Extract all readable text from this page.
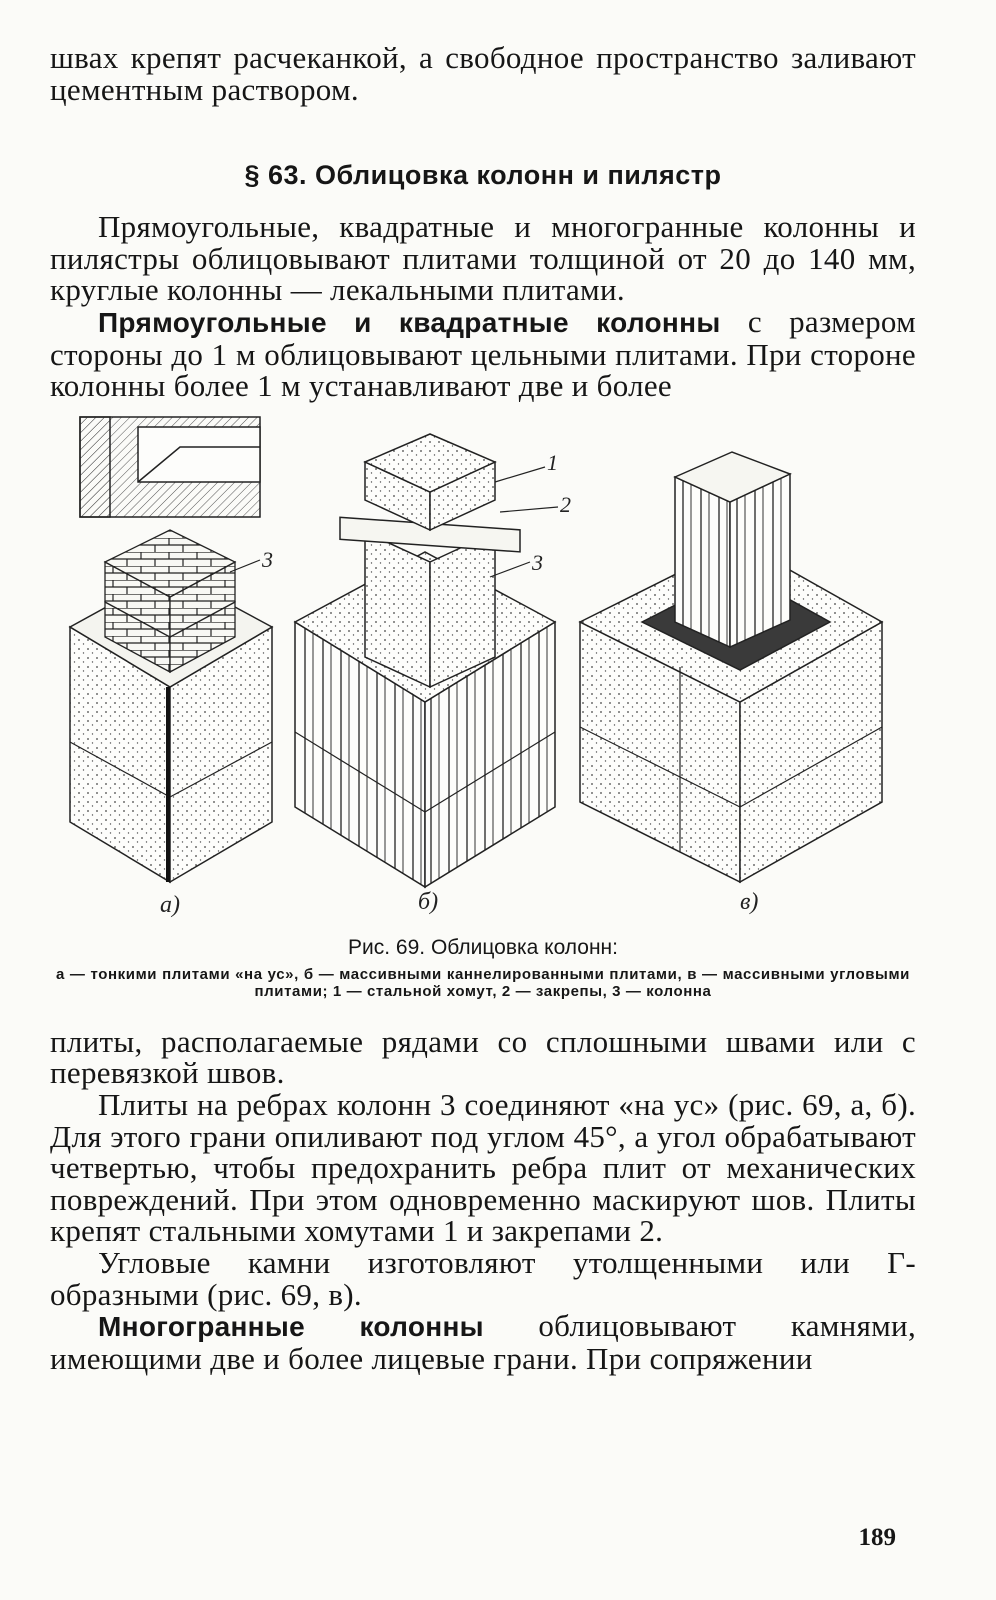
швах крепят расчеканкой, а свободное пространство заливают цементным раствором.

§ 63. Облицовка колонн и пилястр

Прямоугольные, квадратные и многогранные колонны и пилястры облицовывают плитами толщиной от 20 до 140 мм, круглые колонны — лекальными плитами.

Прямоугольные и квадратные колонны с размером стороны до 1 м облицовывают цельными плитами. При стороне колонны более 1 м устанавливают две и более

3
а)
1
2
3
б)	в)
Рис. 69. Облицовка колонн:
а — тонкими плитами «на ус», б — массивными каннелированными плитами, в — массивными угловыми плитами; 1 — стальной хомут, 2 — закрепы, 3 — колонна

плиты, располагаемые рядами со сплошными швами или с перевязкой швов.

Плиты на ребрах колонн 3 соединяют «на ус» (рис. 69, а, б). Для этого грани опиливают под углом 45°, а угол обрабатывают четвертью, чтобы предохранить ребра плит от механических повреждений. При этом одновременно маскируют шов. Плиты крепят стальными хомутами 1 и закрепами 2.

Угловые камни изготовляют утолщенными или Г-образными (рис. 69, в).

Многогранные колонны облицовывают камнями, имеющими две и более лицевые грани. При сопряжении

189
